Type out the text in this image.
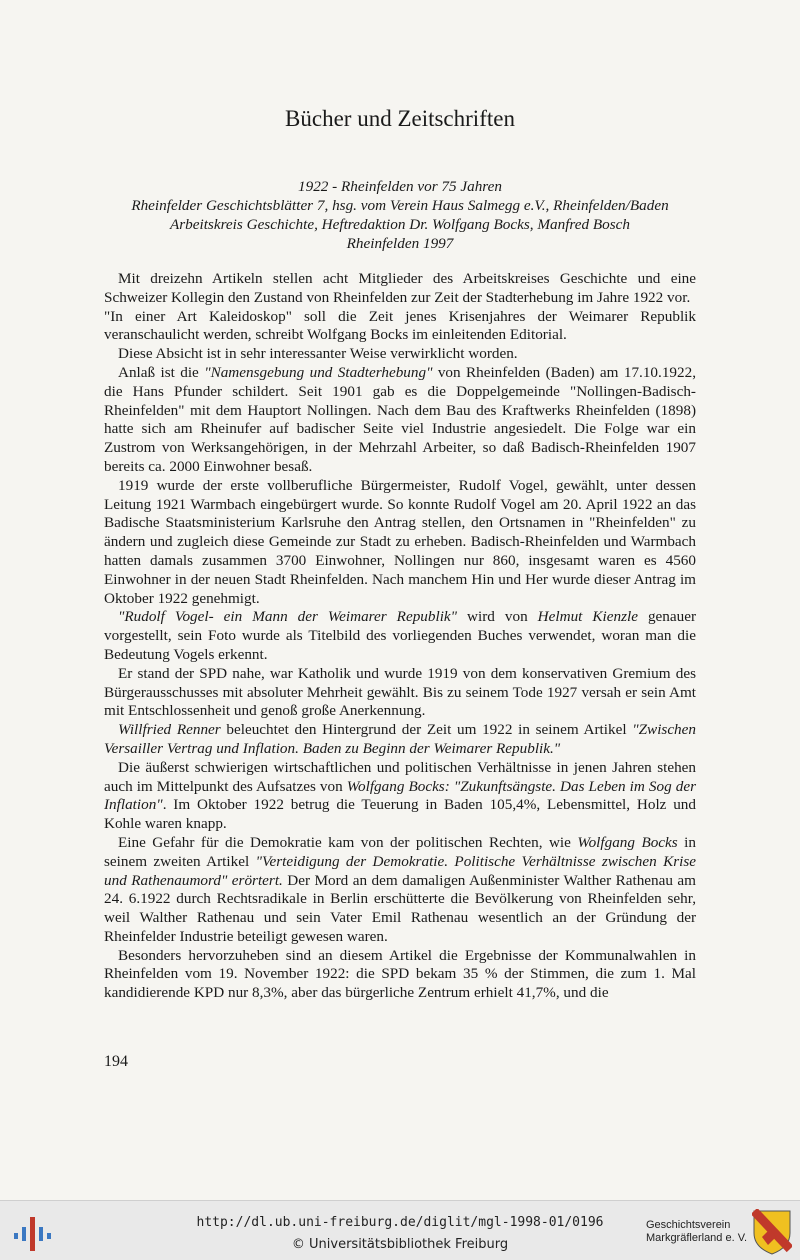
Bücher und Zeitschriften
1922 - Rheinfelden vor 75 Jahren
Rheinfelder Geschichtsblätter 7, hsg. vom Verein Haus Salmegg e.V., Rheinfelden/Baden
Arbeitskreis Geschichte, Heftredaktion Dr. Wolfgang Bocks, Manfred Bosch
Rheinfelden 1997

Mit dreizehn Artikeln stellen acht Mitglieder des Arbeitskreises Geschichte und eine Schweizer Kollegin den Zustand von Rheinfelden zur Zeit der Stadterhebung im Jahre 1922 vor.

"In einer Art Kaleidoskop" soll die Zeit jenes Krisenjahres der Weimarer Republik veranschaulicht werden, schreibt Wolfgang Bocks im einleitenden Editorial.

Diese Absicht ist in sehr interessanter Weise verwirklicht worden.

Anlaß ist die "Namensgebung und Stadterhebung" von Rheinfelden (Baden) am 17.10.1922, die Hans Pfunder schildert. Seit 1901 gab es die Doppelgemeinde "Nollingen-Badisch-Rheinfelden" mit dem Hauptort Nollingen. Nach dem Bau des Kraftwerks Rheinfelden (1898) hatte sich am Rheinufer auf badischer Seite viel Industrie angesiedelt. Die Folge war ein Zustrom von Werksangehörigen, in der Mehrzahl Arbeiter, so daß Badisch-Rheinfelden 1907 bereits ca. 2000 Einwohner besaß.

1919 wurde der erste vollberufliche Bürgermeister, Rudolf Vogel, gewählt, unter dessen Leitung 1921 Warmbach eingebürgert wurde. So konnte Rudolf Vogel am 20. April 1922 an das Badische Staatsministerium Karlsruhe den Antrag stellen, den Ortsnamen in "Rheinfelden" zu ändern und zugleich diese Gemeinde zur Stadt zu erheben. Badisch-Rheinfelden und Warmbach hatten damals zusammen 3700 Einwohner, Nollingen nur 860, insgesamt waren es 4560 Einwohner in der neuen Stadt Rheinfelden. Nach manchem Hin und Her wurde dieser Antrag im Oktober 1922 genehmigt.

"Rudolf Vogel- ein Mann der Weimarer Republik" wird von Helmut Kienzle genauer vorgestellt, sein Foto wurde als Titelbild des vorliegenden Buches verwendet, woran man die Bedeutung Vogels erkennt.

Er stand der SPD nahe, war Katholik und wurde 1919 von dem konservativen Gremium des Bürgerausschusses mit absoluter Mehrheit gewählt. Bis zu seinem Tode 1927 versah er sein Amt mit Entschlossenheit und genoß große Anerkennung.

Willfried Renner beleuchtet den Hintergrund der Zeit um 1922 in seinem Artikel "Zwischen Versailler Vertrag und Inflation. Baden zu Beginn der Weimarer Republik."

Die äußerst schwierigen wirtschaftlichen und politischen Verhältnisse in jenen Jahren stehen auch im Mittelpunkt des Aufsatzes von Wolfgang Bocks: "Zukunftsängste. Das Leben im Sog der Inflation". Im Oktober 1922 betrug die Teuerung in Baden 105,4%, Lebensmittel, Holz und Kohle waren knapp.

Eine Gefahr für die Demokratie kam von der politischen Rechten, wie Wolfgang Bocks in seinem zweiten Artikel "Verteidigung der Demokratie. Politische Verhältnisse zwischen Krise und Rathenaumord" erörtert. Der Mord an dem damaligen Außenminister Walther Rathenau am 24. 6.1922 durch Rechtsradikale in Berlin erschütterte die Bevölkerung von Rheinfelden sehr, weil Walther Rathenau und sein Vater Emil Rathenau wesentlich an der Gründung der Rheinfelder Industrie beteiligt gewesen waren.

Besonders hervorzuheben sind an diesem Artikel die Ergebnisse der Kommunalwahlen in Rheinfelden vom 19. November 1922: die SPD bekam 35 % der Stimmen, die zum 1. Mal kandidierende KPD nur 8,3%, aber das bürgerliche Zentrum erhielt 41,7%, und die

194
http://dl.ub.uni-freiburg.de/diglit/mgl-1998-01/0196
© Universitätsbibliothek Freiburg
Geschichtsverein
Markgräflerland e. V.
